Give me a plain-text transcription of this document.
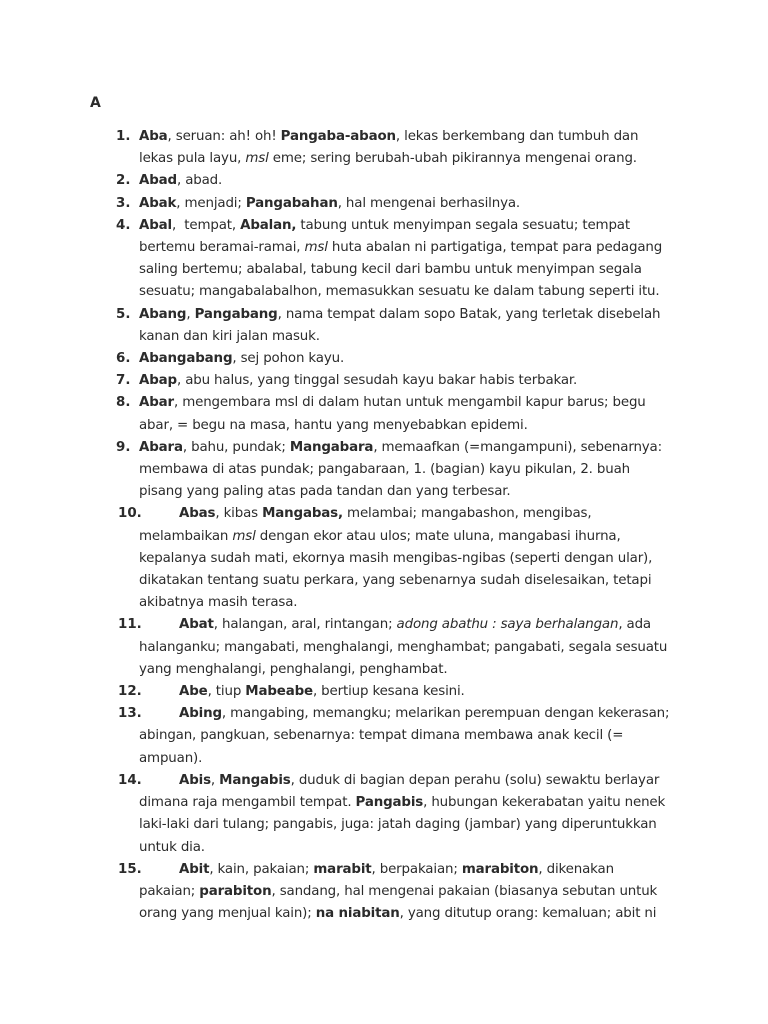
A
1. Aba, seruan: ah! oh! Pangaba-abaon, lekas berkembang dan tumbuh dan lekas pula layu, msl eme; sering berubah-ubah pikirannya mengenai orang.
2. Abad, abad.
3. Abak, menjadi; Pangabahan, hal mengenai berhasilnya.
4. Abal,  tempat, Abalan, tabung untuk menyimpan segala sesuatu; tempat bertemu beramai-ramai, msl huta abalan ni partigatiga, tempat para pedagang saling bertemu; abalabal, tabung kecil dari bambu untuk menyimpan segala sesuatu; mangabalabalhon, memasukkan sesuatu ke dalam tabung seperti itu.
5. Abang, Pangabang, nama tempat dalam sopo Batak, yang terletak disebelah kanan dan kiri jalan masuk.
6. Abangabang, sej pohon kayu.
7. Abap, abu halus, yang tinggal sesudah kayu bakar habis terbakar.
8. Abar, mengembara msl di dalam hutan untuk mengambil kapur barus; begu abar, = begu na masa, hantu yang menyebabkan epidemi.
9. Abara, bahu, pundak; Mangabara, memaafkan (=mangampuni), sebenarnya: membawa di atas pundak; pangabaraan, 1. (bagian) kayu pikulan, 2. buah pisang yang paling atas pada tandan dan yang terbesar.
10.	Abas, kibas Mangabas, melambai; mangabashon, mengibas, melambaikan msl dengan ekor atau ulos; mate uluna, mangabasi ihurna, kepalanya sudah mati, ekornya masih mengibas-ngibas (seperti dengan ular), dikatakan tentang suatu perkara, yang sebenarnya sudah diselesaikan, tetapi akibatnya masih terasa.
11.	Abat, halangan, aral, rintangan; adong abathu : saya berhalangan, ada halanganku; mangabati, menghalangi, menghambat; pangabati, segala sesuatu yang menghalangi, penghalangi, penghambat.
12.	Abe, tiup Mabeabe, bertiup kesana kesini.
13.	Abing, mangabing, memangku; melarikan perempuan dengan kekerasan; abingan, pangkuan, sebenarnya: tempat dimana membawa anak kecil (= ampuan).
14.	Abis, Mangabis, duduk di bagian depan perahu (solu) sewaktu berlayar dimana raja mengambil tempat. Pangabis, hubungan kekerabatan yaitu nenek laki-laki dari tulang; pangabis, juga: jatah daging (jambar) yang diperuntukkan untuk dia.
15.	Abit, kain, pakaian; marabit, berpakaian; marabiton, dikenakan pakaian; parabiton, sandang, hal mengenai pakaian (biasanya sebutan untuk orang yang menjual kain); na niabitan, yang ditutup orang: kemaluan; abit ni
